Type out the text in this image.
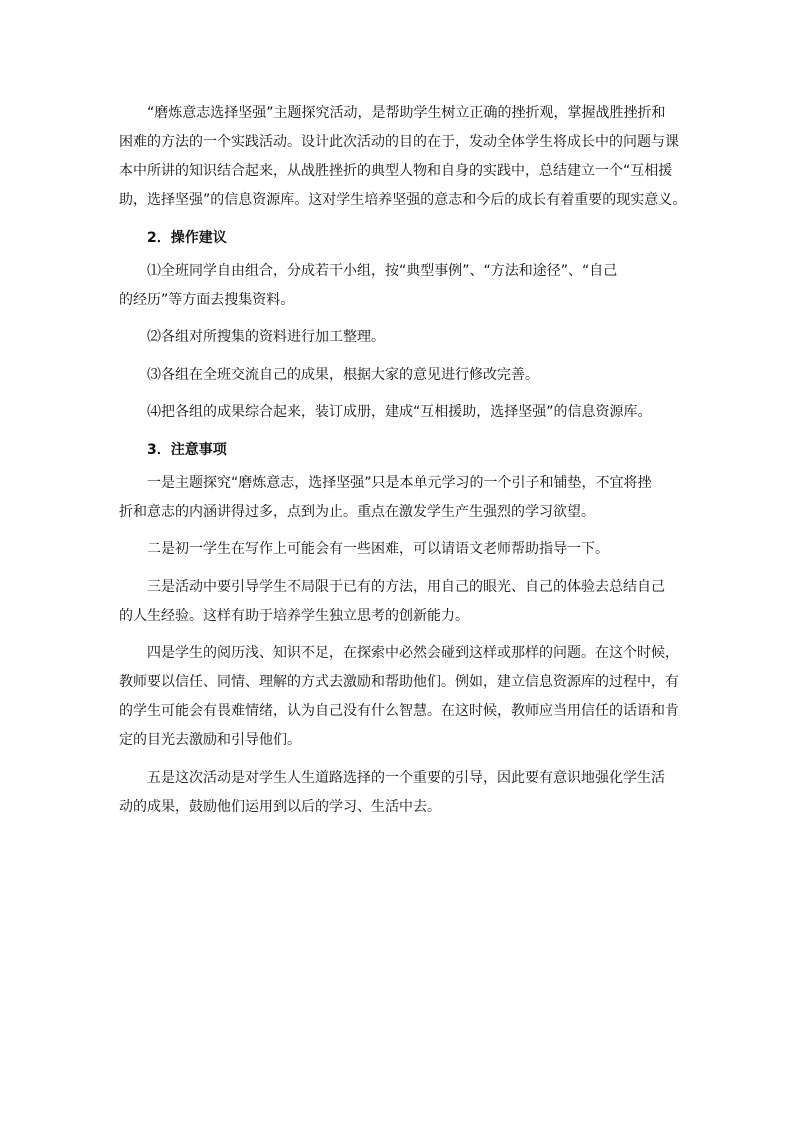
“磨炼意志选择坚强”主题探究活动，是帮助学生树立正确的挫折观，掌握战胜挫折和
困难的方法的一个实践活动。设计此次活动的目的在于，发动全体学生将成长中的问题与课
本中所讲的知识结合起来，从战胜挫折的典型人物和自身的实践中，总结建立一个“互相援
助，选择坚强”的信息资源库。这对学生培养坚强的意志和今后的成长有着重要的现实意义。

2．操作建议

⑴全班同学自由组合，分成若干小组，按“典型事例”、“方法和途径”、“自己
的经历”等方面去搜集资料。

⑵各组对所搜集的资料进行加工整理。

⑶各组在全班交流自己的成果，根据大家的意见进行修改完善。

⑷把各组的成果综合起来，装订成册，建成“互相援助，选择坚强”的信息资源库。

3．注意事项

一是主题探究“磨炼意志，选择坚强”只是本单元学习的一个引子和铺垫，不宜将挫
折和意志的内涵讲得过多，点到为止。重点在激发学生产生强烈的学习欲望。

二是初一学生在写作上可能会有一些困难，可以请语文老师帮助指导一下。

三是活动中要引导学生不局限于已有的方法，用自己的眼光、自己的体验去总结自己
的人生经验。这样有助于培养学生独立思考的创新能力。

四是学生的阅历浅、知识不足，在探索中必然会碰到这样或那样的问题。在这个时候，
教师要以信任、同情、理解的方式去激励和帮助他们。例如，建立信息资源库的过程中，有
的学生可能会有畏难情绪，认为自己没有什么智慧。在这时候，教师应当用信任的话语和肯
定的目光去激励和引导他们。

五是这次活动是对学生人生道路选择的一个重要的引导，因此要有意识地强化学生活
动的成果，鼓励他们运用到以后的学习、生活中去。
